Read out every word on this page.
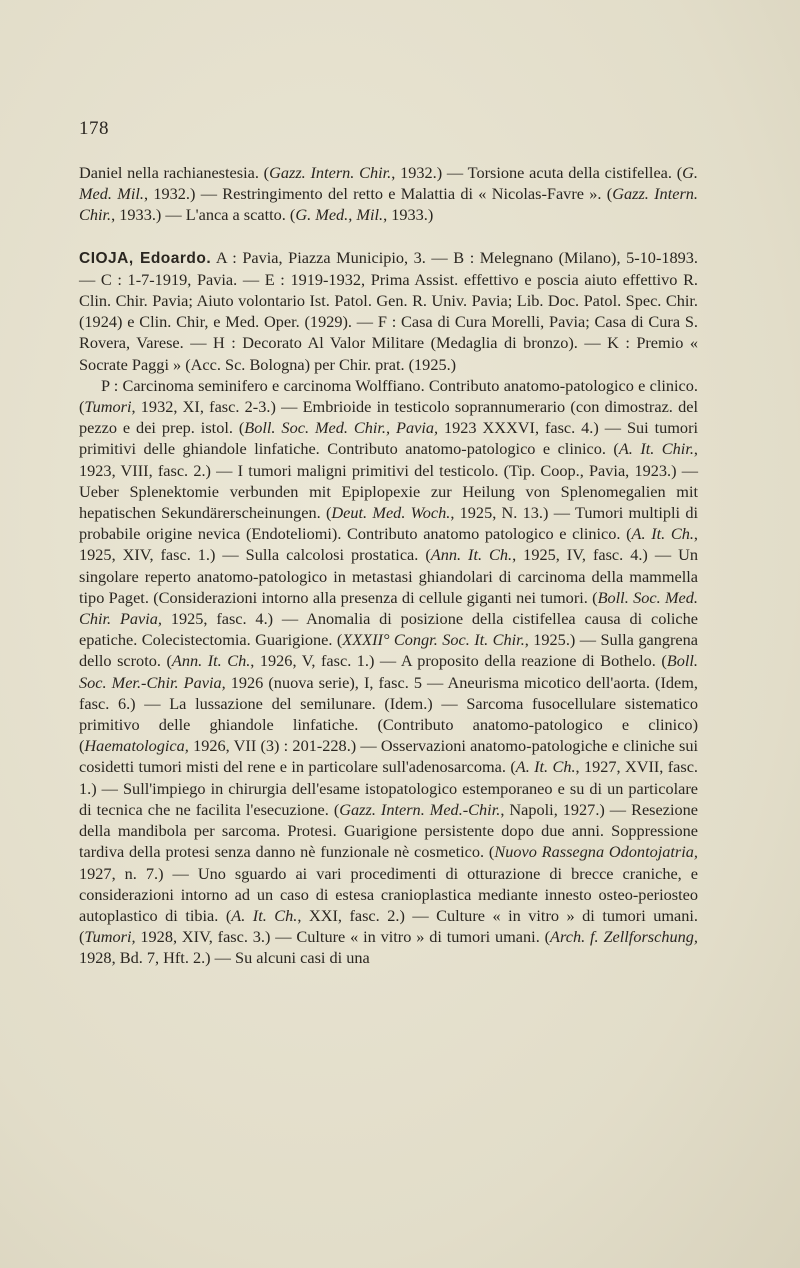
178

Daniel nella rachianestesia. (Gazz. Intern. Chir., 1932.) — Torsione acuta della cistifellea. (G. Med. Mil., 1932.) — Restringimento del retto e Malattia di « Nicolas-Favre ». (Gazz. Intern. Chir., 1933.) — L'anca a scatto. (G. Med., Mil., 1933.)

CIOJA, Edoardo. A : Pavia, Piazza Municipio, 3. — B : Melegnano (Milano), 5-10-1893. — C : 1-7-1919, Pavia. — E : 1919-1932, Prima Assist. effettivo e poscia aiuto effettivo R. Clin. Chir. Pavia; Aiuto volontario Ist. Patol. Gen. R. Univ. Pavia; Lib. Doc. Patol. Spec. Chir. (1924) e Clin. Chir, e Med. Oper. (1929). — F : Casa di Cura Morelli, Pavia; Casa di Cura S. Rovera, Varese. — H : Decorato Al Valor Militare (Medaglia di bronzo). — K : Premio « Socrate Paggi » (Acc. Sc. Bologna) per Chir. prat. (1925.)

P : Carcinoma seminifero e carcinoma Wolffiano. Contributo anatomo-patologico e clinico. (Tumori, 1932, XI, fasc. 2-3.) — Embrioide in testicolo soprannumerario (con dimostraz. del pezzo e dei prep. istol. (Boll. Soc. Med. Chir., Pavia, 1923 XXXVI, fasc. 4.) — Sui tumori primitivi delle ghiandole linfatiche. Contributo anatomo-patologico e clinico. (A. It. Chir., 1923, VIII, fasc. 2.) — I tumori maligni primitivi del testicolo. (Tip. Coop., Pavia, 1923.) — Ueber Splenektomie verbunden mit Epiplopexie zur Heilung von Splenomegalien mit hepatischen Sekundärerscheinungen. (Deut. Med. Woch., 1925, N. 13.) — Tumori multipli di probabile origine nevica (Endoteliomi). Contributo anatomo patologico e clinico. (A. It. Ch., 1925, XIV, fasc. 1.) — Sulla calcolosi prostatica. (Ann. It. Ch., 1925, IV, fasc. 4.) — Un singolare reperto anatomo-patologico in metastasi ghiandolari di carcinoma della mammella tipo Paget. (Considerazioni intorno alla presenza di cellule giganti nei tumori. (Boll. Soc. Med. Chir. Pavia, 1925, fasc. 4.) — Anomalia di posizione della cistifellea causa di coliche epatiche. Colecistectomia. Guarigione. (XXXII° Congr. Soc. It. Chir., 1925.) — Sulla gangrena dello scroto. (Ann. It. Ch., 1926, V, fasc. 1.) — A proposito della reazione di Bothelo. (Boll. Soc. Mer.-Chir. Pavia, 1926 (nuova serie), I, fasc. 5 — Aneurisma micotico dell'aorta. (Idem, fasc. 6.) — La lussazione del semilunare. (Idem.) — Sarcoma fusocellulare sistematico primitivo delle ghiandole linfatiche. (Contributo anatomo-patologico e clinico) (Haematologica, 1926, VII (3) : 201-228.) — Osservazioni anatomo-patologiche e cliniche sui cosidetti tumori misti del rene e in particolare sull'adenosarcoma. (A. It. Ch., 1927, XVII, fasc. 1.) — Sull'impiego in chirurgia dell'esame istopatologico estemporaneo e su di un particolare di tecnica che ne facilita l'esecuzione. (Gazz. Intern. Med.-Chir., Napoli, 1927.) — Resezione della mandibola per sarcoma. Protesi. Guarigione persistente dopo due anni. Soppressione tardiva della protesi senza danno nè funzionale nè cosmetico. (Nuovo Rassegna Odontojatria, 1927, n. 7.) — Uno sguardo ai vari procedimenti di otturazione di brecce craniche, e considerazioni intorno ad un caso di estesa cranioplastica mediante innesto osteo-periosteo autoplastico di tibia. (A. It. Ch., XXI, fasc. 2.) — Culture « in vitro » di tumori umani. (Tumori, 1928, XIV, fasc. 3.) — Culture « in vitro » di tumori umani. (Arch. f. Zellforschung, 1928, Bd. 7, Hft. 2.) — Su alcuni casi di una
